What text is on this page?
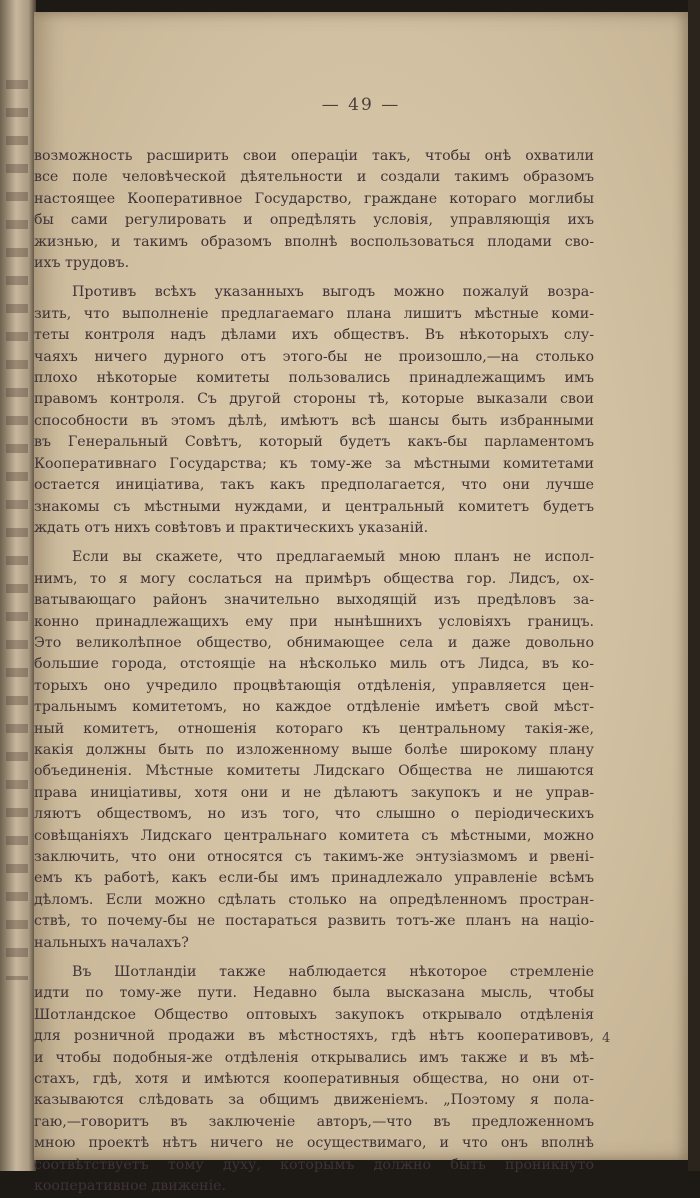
— 49 —
возможность расширить свои операціи такъ, чтобы онѣ охватили
все поле человѣческой дѣятельности и создали такимъ образомъ
настоящее Кооперативное Государство, граждане котораго моглибы
бы сами регулировать и опредѣлять условія, управляющія ихъ
жизнью, и такимъ образомъ вполнѣ воспользоваться плодами сво-
ихъ трудовъ.
Противъ всѣхъ указанныхъ выгодъ можно пожалуй возра-
зить, что выполненіе предлагаемаго плана лишитъ мѣстные коми-
теты контроля надъ дѣлами ихъ обществъ. Въ нѣкоторыхъ слу-
чаяхъ ничего дурного отъ этого-бы не произошло,—на столько
плохо нѣкоторые комитеты пользовались принадлежащимъ имъ
правомъ контроля. Съ другой стороны тѣ, которые выказали свои
способности въ этомъ дѣлѣ, имѣютъ всѣ шансы быть избранными
въ Генеральный Совѣтъ, который будетъ какъ-бы парламентомъ
Кооперативнаго Государства; къ тому-же за мѣстными комитетами
остается иниціатива, такъ какъ предполагается, что они лучше
знакомы съ мѣстными нуждами, и центральный комитетъ будетъ
ждать отъ нихъ совѣтовъ и практическихъ указаній.
Если вы скажете, что предлагаемый мною планъ не испол-
нимъ, то я могу сослаться на примѣръ общества гор. Лидсъ, ох-
ватывающаго районъ значительно выходящій изъ предѣловъ за-
конно принадлежащихъ ему при нынѣшнихъ условіяхъ границъ.
Это великолѣпное общество, обнимающее села и даже довольно
большие города, отстоящіе на нѣсколько миль отъ Лидса, въ ко-
торыхъ оно учредило процвѣтающія отдѣленія, управляется цен-
тральнымъ комитетомъ, но каждое отдѣленіе имѣетъ свой мѣст-
ный комитетъ, отношенія котораго къ центральному такія-же,
какія должны быть по изложенному выше болѣе широкому плану
объединенія. Мѣстные комитеты Лидскаго Общества не лишаются
права иниціативы, хотя они и не дѣлаютъ закупокъ и не управ-
ляютъ обществомъ, но изъ того, что слышно о періодическихъ
совѣщаніяхъ Лидскаго центральнаго комитета съ мѣстными, можно
заключить, что они относятся съ такимъ-же энтузіазмомъ и рвені-
емъ къ работѣ, какъ если-бы имъ принадлежало управленіе всѣмъ
дѣломъ. Если можно сдѣлать столько на опредѣленномъ простран-
ствѣ, то почему-бы не постараться развить тотъ-же планъ на націо-
нальныхъ началахъ?
Въ Шотландіи также наблюдается нѣкоторое стремленіе
идти по тому-же пути. Недавно была высказана мысль, чтобы
Шотландское Общество оптовыхъ закупокъ открывало отдѣленія
для розничной продажи въ мѣстностяхъ, гдѣ нѣтъ кооперативовъ,
и чтобы подобныя-же отдѣленія открывались имъ также и въ мѣ-
стахъ, гдѣ, хотя и имѣются кооперативныя общества, но они от-
казываются слѣдовать за общимъ движеніемъ. „Поэтому я пола-
гаю,—говоритъ въ заключеніе авторъ,—что въ предложенномъ
мною проектѣ нѣтъ ничего не осуществимаго, и что онъ вполнѣ
соотвѣтствуетъ тому духу, которымъ должно быть проникнуто
кооперативное движеніе.
4
